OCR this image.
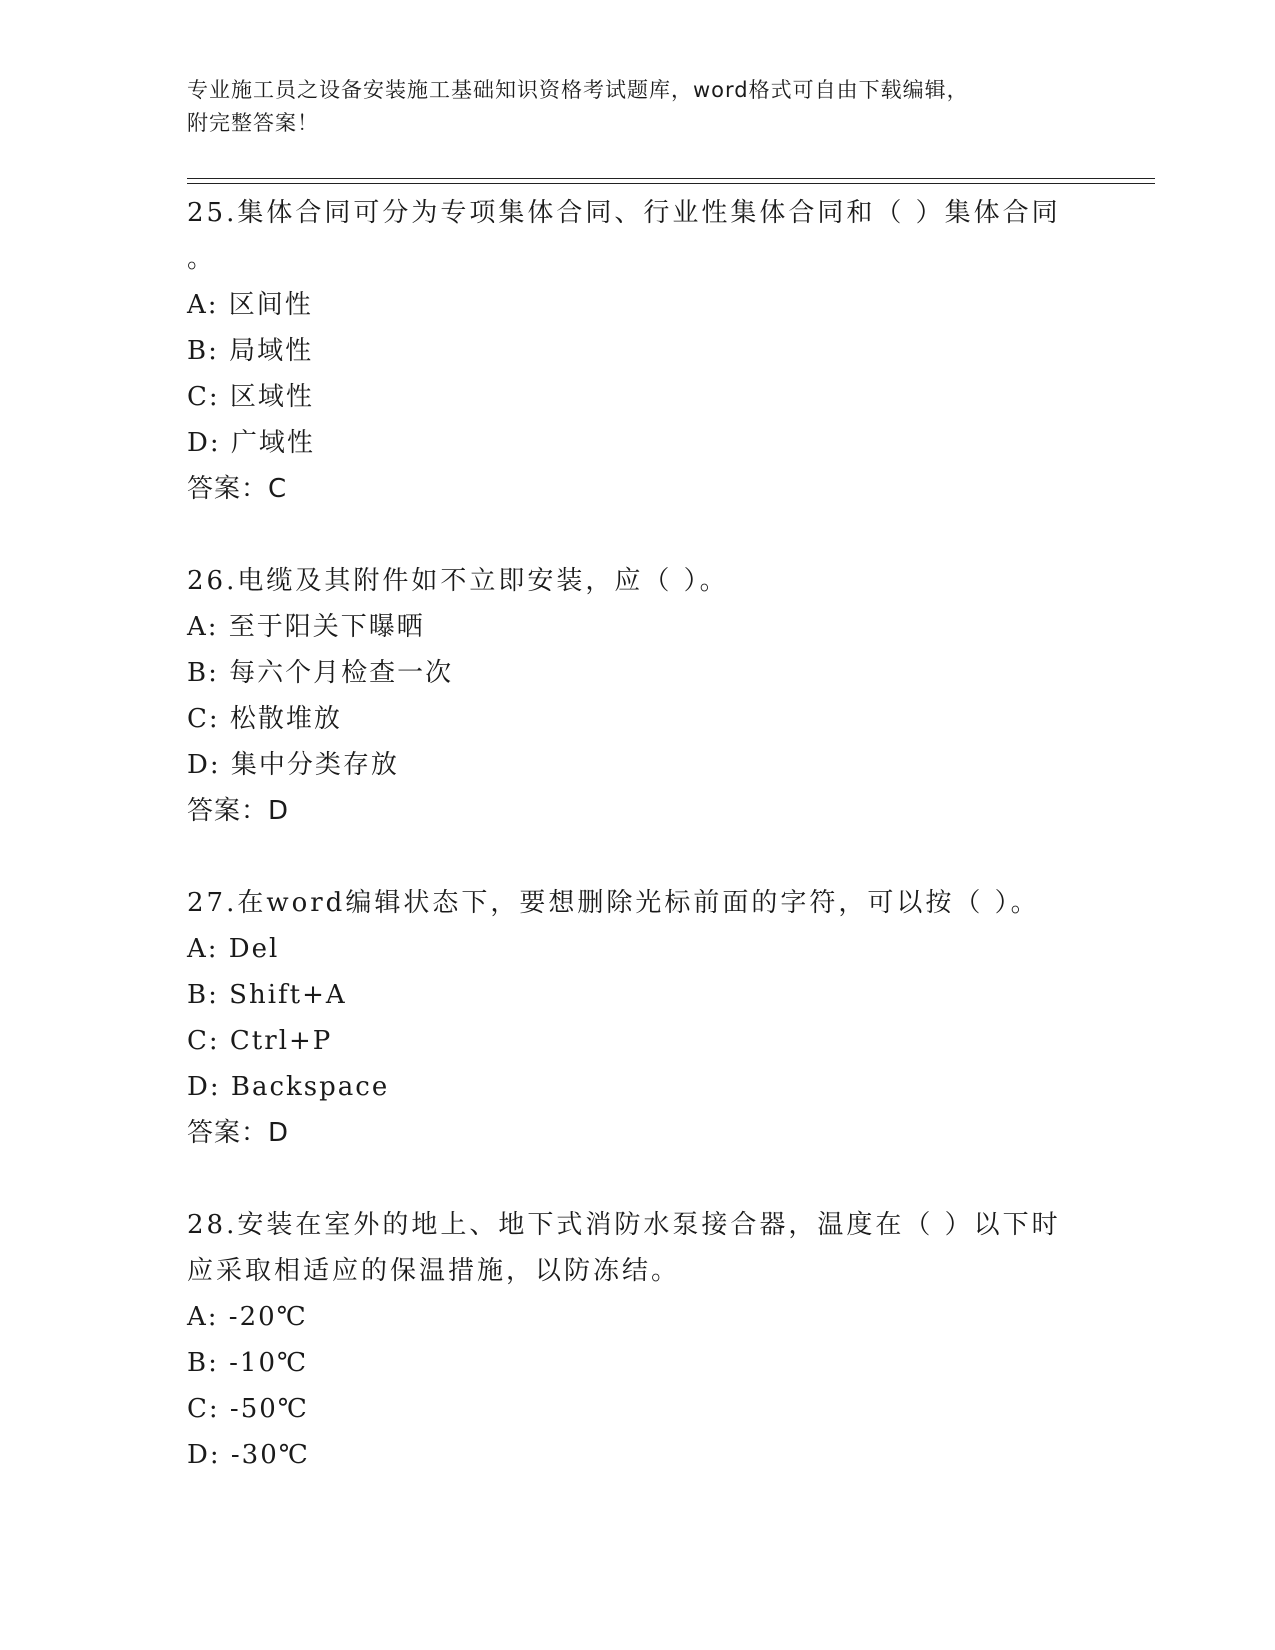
专业施工员之设备安装施工基础知识资格考试题库，word格式可自由下载编辑，
附完整答案！

25.集体合同可分为专项集体合同、行业性集体合同和（ ）集体合同

。

A: 区间性

B: 局域性

C: 区域性

D: 广域性

答案：C

26.电缆及其附件如不立即安装，应（ ）。

A: 至于阳关下曝晒

B: 每六个月检查一次

C: 松散堆放

D: 集中分类存放

答案：D

27.在word编辑状态下，要想删除光标前面的字符，可以按（ ）。

A: Del

B: Shift+A

C: Ctrl+P

D: Backspace

答案：D

28.安装在室外的地上、地下式消防水泵接合器，温度在（ ）以下时

应采取相适应的保温措施，以防冻结。

A: -20℃

B: -10℃

C: -50℃

D: -30℃
